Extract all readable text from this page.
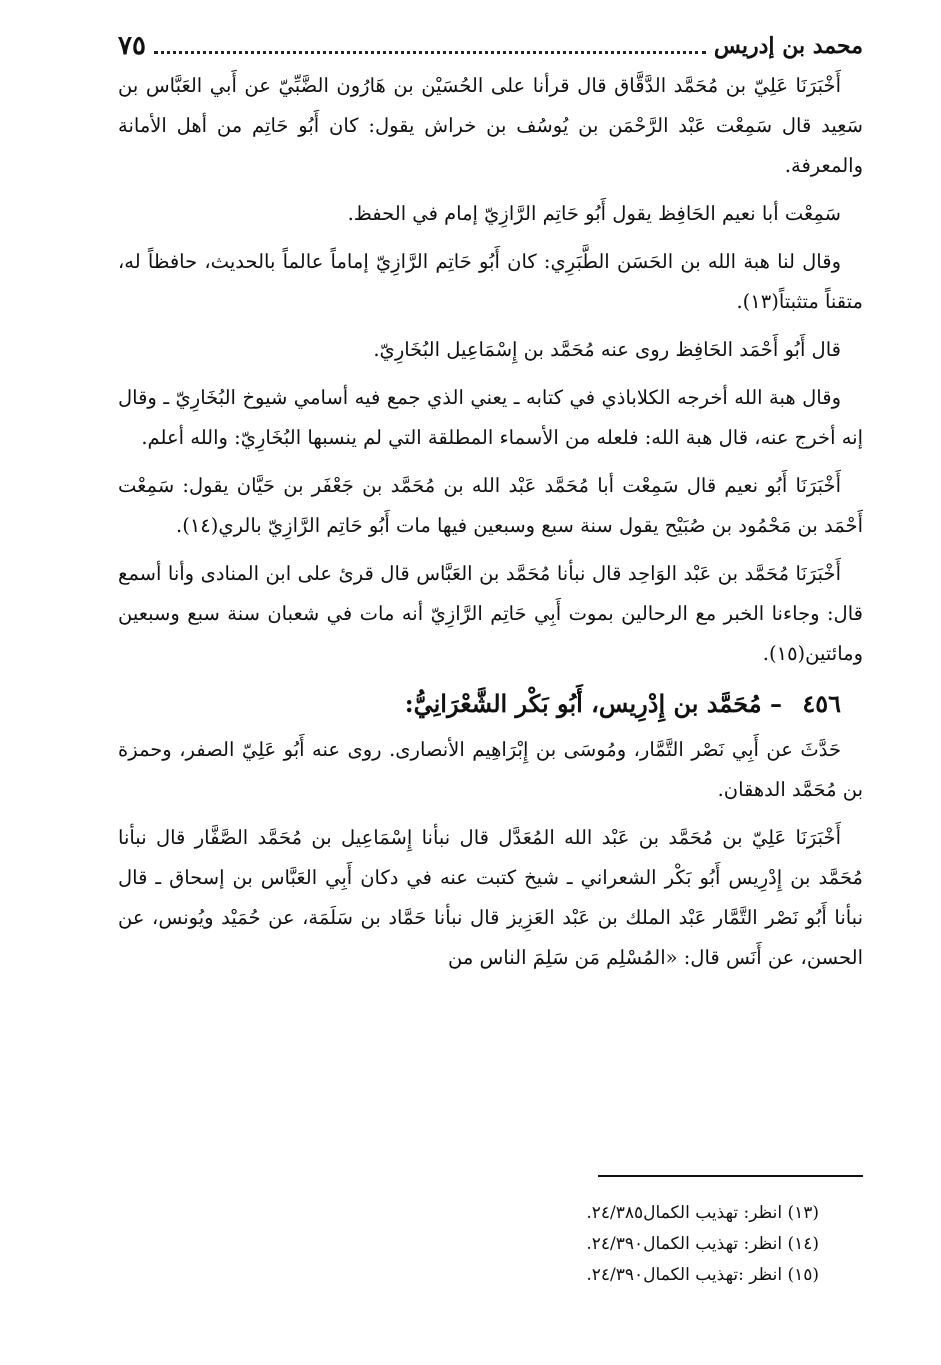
محمد بن إدريس
٧٥

أَخْبَرَنَا عَلِيّ بن مُحَمَّد الدَّقَّاق قال قرأنا على الحُسَيْن بن هَارُون الضَّبِّيّ عن أَبي العَبَّاس بن سَعِيد قال سَمِعْت عَبْد الرَّحْمَن بن يُوسُف بن خراش يقول: كان أَبُو حَاتِم من أهل الأمانة والمعرفة.

سَمِعْت أبا نعيم الحَافِظ يقول أَبُو حَاتِم الرَّازِيّ إمام في الحفظ.

وقال لنا هبة الله بن الحَسَن الطَّبَرِي: كان أَبُو حَاتِم الرَّازِيّ إماماً عالماً بالحديث، حافظاً له، متقناً متثبتاً(١٣).

قال أَبُو أَحْمَد الحَافِظ روى عنه مُحَمَّد بن إِسْمَاعِيل البُخَارِيّ.

وقال هبة الله أخرجه الكلاباذي في كتابه ـ يعني الذي جمع فيه أسامي شيوخ البُخَارِيّ ـ وقال إنه أخرج عنه، قال هبة الله: فلعله من الأسماء المطلقة التي لم ينسبها البُخَارِيّ: والله أعلم.

أَخْبَرَنَا أَبُو نعيم قال سَمِعْت أبا مُحَمَّد عَبْد الله بن مُحَمَّد بن جَعْفَر بن حَيَّان يقول: سَمِعْت أَحْمَد بن مَحْمُود بن صُبَيْح يقول سنة سبع وسبعين فيها مات أَبُو حَاتِم الرَّازِيّ بالري(١٤).

أَخْبَرَنَا مُحَمَّد بن عَبْد الوَاحِد قال نبأنا مُحَمَّد بن العَبَّاس قال قرئ على ابن المنادى وأنا أسمع قال: وجاءنا الخبر مع الرحالين بموت أَبِي حَاتِم الرَّازِيّ أنه مات في شعبان سنة سبع وسبعين ومائتين(١٥).

٤٥٦ – مُحَمَّد بن إِدْرِيس، أَبُو بَكْر الشَّعْرَانِيُّ:

حَدَّثَ عن أَبِي نَصْر التَّمَّار، ومُوسَى بن إِبْرَاهِيم الأنصارى. روى عنه أَبُو عَلِيّ الصفر، وحمزة بن مُحَمَّد الدهقان.

أَخْبَرَنَا عَلِيّ بن مُحَمَّد بن عَبْد الله المُعَدَّل قال نبأنا إِسْمَاعِيل بن مُحَمَّد الصَّفَّار قال نبأنا مُحَمَّد بن إِدْرِيس أَبُو بَكْر الشعراني ـ شيخ كتبت عنه في دكان أَبِي العَبَّاس بن إسحاق ـ قال نبأنا أَبُو نَصْر التَّمَّار عَبْد الملك بن عَبْد العَزِيز قال نبأنا حَمَّاد بن سَلَمَة، عن حُمَيْد ويُونس، عن الحسن، عن أَنَس قال: «المُسْلِم مَن سَلِمَ الناس من

(١٣) انظر: تهذيب الكمال٢٤/٣٨٥.
(١٤) انظر: تهذيب الكمال٢٤/٣٩٠.
(١٥) انظر :تهذيب الكمال٢٤/٣٩٠.
